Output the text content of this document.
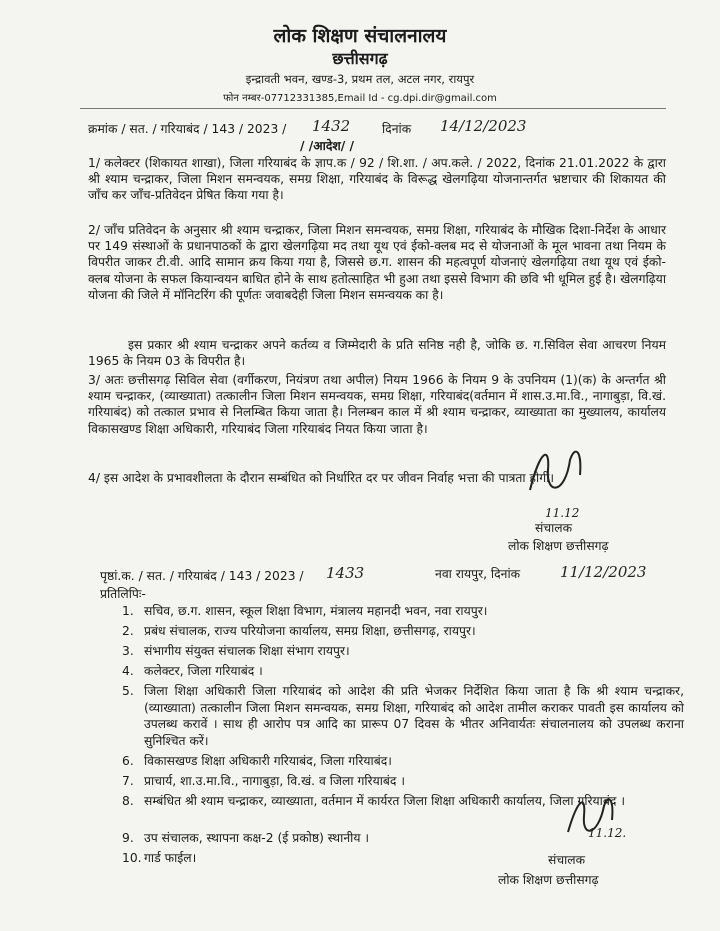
लोक शिक्षण संचालनालय
छत्तीसगढ़
इन्द्रावती भवन, खण्ड-3, प्रथम तल, अटल नगर, रायपुर
फोन नम्बर-07712331385,Email Id - cg.dpi.dir@gmail.com
क्रमांक / सत. / गरियाबंद / 143 / 2023 / 1432	दिनांक 14/12/2023
/ /आदेश/ /
1/ कलेक्टर (शिकायत शाखा), जिला गरियाबंद के ज्ञाप.क / 92 / शि.शा. / अप.कले. / 2022, दिनांक 21.01.2022 के द्वारा श्री श्याम चन्द्राकर, जिला मिशन समन्वयक, समग्र शिक्षा, गरियाबंद के विरूद्ध खेलगढ़िया योजनान्तर्गत भ्रष्टाचार की शिकायत की जाँच कर जाँच-प्रतिवेदन प्रेषित किया गया है।
2/ जाँच प्रतिवेदन के अनुसार श्री श्याम चन्द्राकर, जिला मिशन समन्वयक, समग्र शिक्षा, गरियाबंद के मौखिक दिशा-निर्देश के आधार पर 149 संस्थाओं के प्रधानपाठकों के द्वारा खेलगढ़िया मद तथा यूथ एवं ईको-क्लब मद से योजनाओं के मूल भावना तथा नियम के विपरीत जाकर टी.वी. आदि सामान क्रय किया गया है, जिससे छ.ग. शासन की महत्वपूर्ण योजनाएं खेलगढ़िया तथा यूथ एवं ईको-क्लब योजना के सफल कियान्वयन बाधित होने के साथ हतोत्साहित भी हुआ तथा इससे विभाग की छवि भी धूमिल हुई है। खेलगढ़िया योजना की जिले में मॉनिटरिंग की पूर्णतः जवाबदेही जिला मिशन समन्वयक का है।
इस प्रकार श्री श्याम चन्द्राकर अपने कर्तव्य व जिम्मेदारी के प्रति सनिष्ठ नही है, जोकि छ. ग.सिविल सेवा आचरण नियम 1965 के नियम 03 के विपरीत है।
3/ अतः छत्तीसगढ़ सिविल सेवा (वर्गीकरण, नियंत्रण तथा अपील) नियम 1966 के नियम 9 के उपनियम (1)(क) के अन्तर्गत श्री श्याम चन्द्राकर, (व्याख्याता) तत्कालीन जिला मिशन समन्वयक, समग्र शिक्षा, गरियाबंद(वर्तमान में शास.उ.मा.वि., नागाबुड़ा, वि.खं. गरियाबंद) को तत्काल प्रभाव से निलम्बित किया जाता है। निलम्बन काल में श्री श्याम चन्द्राकर, व्याख्याता का मुख्यालय, कार्यालय विकासखण्ड शिक्षा अधिकारी, गरियाबंद जिला गरियाबंद नियत किया जाता है।
4/ इस आदेश के प्रभावशीलता के दौरान सम्बंधित को निर्धारित दर पर जीवन निर्वाह भत्ता की पात्रता होगी।
11.12
संचालक
लोक शिक्षण छत्तीसगढ़
पृष्ठां.क. / सत. / गरियाबंद / 143 / 2023 / 1433	नवा रायपुर, दिनांक	11/12/2023
प्रतिलिपिः-
1. सचिव, छ.ग. शासन, स्कूल शिक्षा विभाग, मंत्रालय महानदी भवन, नवा रायपुर।
2. प्रबंध संचालक, राज्य परियोजना कार्यालय, समग्र शिक्षा, छत्तीसगढ़, रायपुर।
3. संभागीय संयुक्त संचालक शिक्षा संभाग रायपुर।
4. कलेक्टर, जिला गरियाबंद ।
5. जिला शिक्षा अधिकारी जिला गरियाबंद को आदेश की प्रति भेजकर निर्देशित किया जाता है कि श्री श्याम चन्द्राकर, (व्याख्याता) तत्कालीन जिला मिशन समन्वयक, समग्र शिक्षा, गरियाबंद को आदेश तामील कराकर पावती इस कार्यालय को उपलब्ध करावें । साथ ही आरोप पत्र आदि का प्रारूप 07 दिवस के भीतर अनिवार्यतः संचालनालय को उपलब्ध कराना सुनिश्चित करें।
6. विकासखण्ड शिक्षा अधिकारी गरियाबंद, जिला गरियाबंद।
7. प्राचार्य, शा.उ.मा.वि., नागाबुड़ा, वि.खं. व जिला गरियाबंद ।
8. सम्बंधित श्री श्याम चन्द्राकर, व्याख्याता, वर्तमान में कार्यरत जिला शिक्षा अधिकारी कार्यालय, जिला गरियाबंद ।
9. उप संचालक, स्थापना कक्ष-2 (ई प्रकोष्ठ) स्थानीय ।
10. गार्ड फाईल।
11.12.
संचालक
लोक शिक्षण छत्तीसगढ़
